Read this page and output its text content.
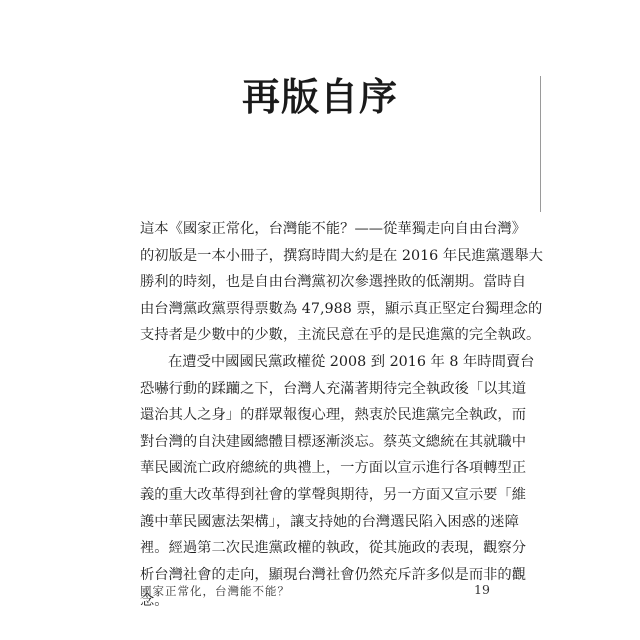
再版自序
這本《國家正常化，台灣能不能？——從華獨走向自由台灣》
的初版是一本小冊子，撰寫時間大約是在 2016 年民進黨選舉大
勝利的時刻，也是自由台灣黨初次參選挫敗的低潮期。當時自
由台灣黨政黨票得票數為 47,988 票，顯示真正堅定台獨理念的
支持者是少數中的少數，主流民意在乎的是民進黨的完全執政。
在遭受中國國民黨政權從 2008 到 2016 年 8 年時間賣台
恐嚇行動的蹂躪之下，台灣人充滿著期待完全執政後「以其道
還治其人之身」的群眾報復心理，熱衷於民進黨完全執政，而
對台灣的自決建國總體目標逐漸淡忘。蔡英文總統在其就職中
華民國流亡政府總統的典禮上，一方面以宣示進行各項轉型正
義的重大改革得到社會的掌聲與期待，另一方面又宣示要「維
護中華民國憲法架構」，讓支持她的台灣選民陷入困惑的迷障
裡。經過第二次民進黨政權的執政，從其施政的表現，觀察分
析台灣社會的走向，顯現台灣社會仍然充斥許多似是而非的觀
念。
國家正常化，台灣能不能？	19
